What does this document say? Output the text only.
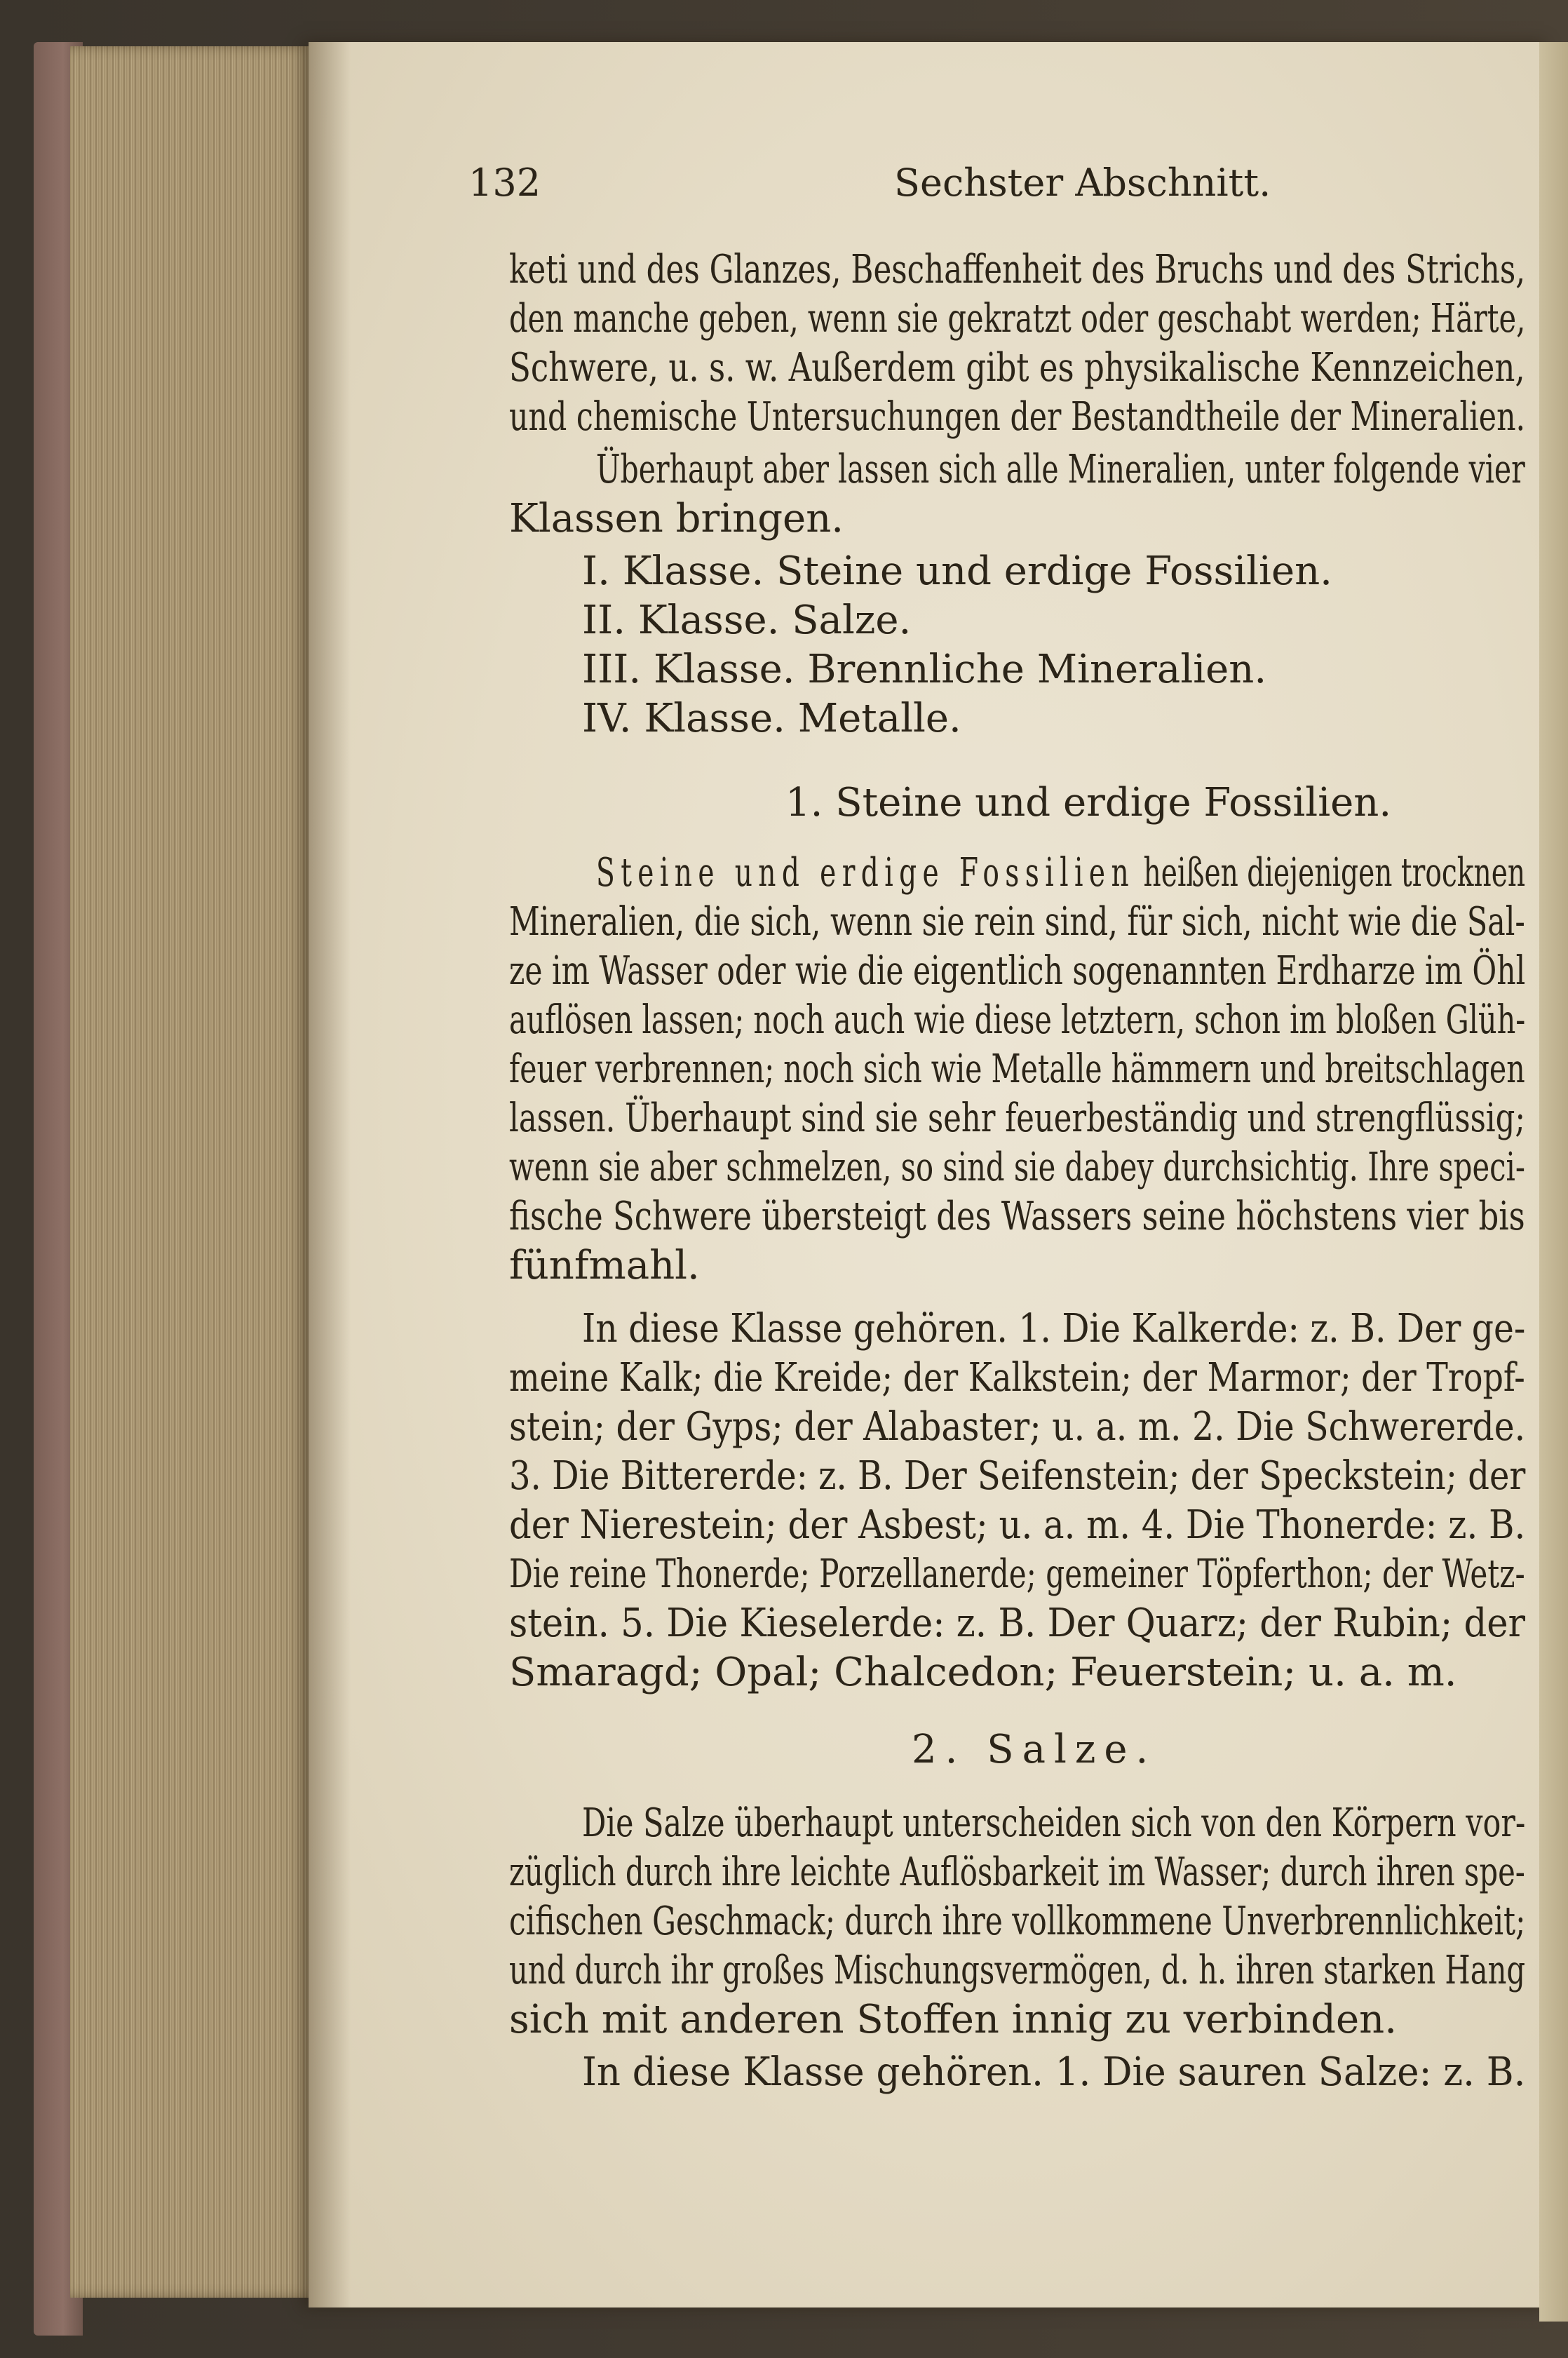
132	Sechster Abschnitt.
keti und des Glanzes, Beschaffenheit des Bruchs und des Strichs,
den manche geben, wenn sie gekratzt oder geschabt werden; Härte,
Schwere, u. s. w. Außerdem gibt es physikalische Kennzeichen,
und chemische Untersuchungen der Bestandtheile der Mineralien.
Überhaupt aber lassen sich alle Mineralien, unter folgende vier
Klassen bringen.
I. Klasse. Steine und erdige Fossilien.
II. Klasse. Salze.
III. Klasse. Brennliche Mineralien.
IV. Klasse. Metalle.
1. Steine und erdige Fossilien.
Steine und erdige Fossilien heißen diejenigen trocknen
Mineralien, die sich, wenn sie rein sind, für sich, nicht wie die Sal-
ze im Wasser oder wie die eigentlich sogenannten Erdharze im Öhl
auflösen lassen; noch auch wie diese letztern, schon im bloßen Glüh-
feuer verbrennen; noch sich wie Metalle hämmern und breitschlagen
lassen. Überhaupt sind sie sehr feuerbeständig und strengflüssig;
wenn sie aber schmelzen, so sind sie dabey durchsichtig. Ihre speci-
fische Schwere übersteigt des Wassers seine höchstens vier bis
fünfmahl.
In diese Klasse gehören. 1. Die Kalkerde: z. B. Der ge-
meine Kalk; die Kreide; der Kalkstein; der Marmor; der Tropf-
stein; der Gyps; der Alabaster; u. a. m. 2. Die Schwererde.
3. Die Bittererde: z. B. Der Seifenstein; der Speckstein; der
der Nierestein; der Asbest; u. a. m. 4. Die Thonerde: z. B.
Die reine Thonerde; Porzellanerde; gemeiner Töpferthon; der Wetz-
stein. 5. Die Kieselerde: z. B. Der Quarz; der Rubin; der
Smaragd; Opal; Chalcedon; Feuerstein; u. a. m.
2. Salze.
Die Salze überhaupt unterscheiden sich von den Körpern vor-
züglich durch ihre leichte Auflösbarkeit im Wasser; durch ihren spe-
cifischen Geschmack; durch ihre vollkommene Unverbrennlichkeit;
und durch ihr großes Mischungsvermögen, d. h. ihren starken Hang
sich mit anderen Stoffen innig zu verbinden.
In diese Klasse gehören. 1. Die sauren Salze: z. B.
